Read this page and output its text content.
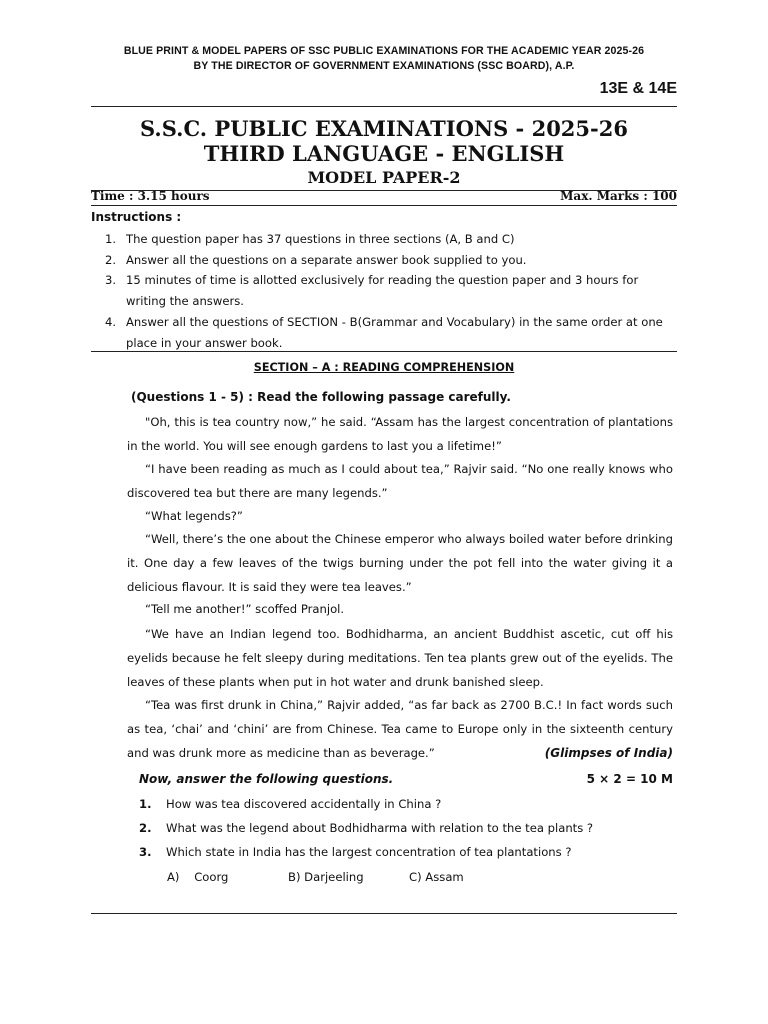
BLUE PRINT & MODEL PAPERS OF SSC PUBLIC EXAMINATIONS FOR THE ACADEMIC YEAR 2025-26
BY THE DIRECTOR OF GOVERNMENT EXAMINATIONS (SSC BOARD), A.P.
13E & 14E
S.S.C. PUBLIC EXAMINATIONS - 2025-26
THIRD LANGUAGE - ENGLISH
MODEL PAPER-2
Time : 3.15 hours	Max. Marks : 100
Instructions :
1. The question paper has 37 questions in three sections (A, B and C)
2. Answer all the questions on a separate answer book supplied to you.
3. 15 minutes of time is allotted exclusively for reading the question paper and 3 hours for writing the answers.
4. Answer all the questions of SECTION - B(Grammar and Vocabulary) in the same order at one place in your answer book.
SECTION – A : READING COMPREHENSION
(Questions 1 - 5) : Read the following passage carefully.
"Oh, this is tea country now,” he said. “Assam has the largest concentration of plantations in the world. You will see enough gardens to last you a lifetime!”
“I have been reading as much as I could about tea,” Rajvir said. “No one really knows who discovered tea but there are many legends.”
“What legends?”
“Well, there’s the one about the Chinese emperor who always boiled water before drinking it. One day a few leaves of the twigs burning under the pot fell into the water giving it a delicious flavour. It is said they were tea leaves.”
“Tell me another!” scoffed Pranjol.
“We have an Indian legend too. Bodhidharma, an ancient Buddhist ascetic, cut off his eyelids because he felt sleepy during meditations. Ten tea plants grew out of the eyelids. The leaves of these plants when put in hot water and drunk banished sleep.
“Tea was first drunk in China,” Rajvir added, “as far back as 2700 B.C.! In fact words such as tea, ‘chai’ and ‘chini’ are from Chinese. Tea came to Europe only in the sixteenth century and was drunk more as medicine than as beverage.”	(Glimpses of India)
Now, answer the following questions.	5 × 2 = 10 M
1. How was tea discovered accidentally in China ?
2. What was the legend about Bodhidharma with relation to the tea plants ?
3. Which state in India has the largest concentration of tea plantations ?
A)    Coorg	B) Darjeeling	C) Assam
